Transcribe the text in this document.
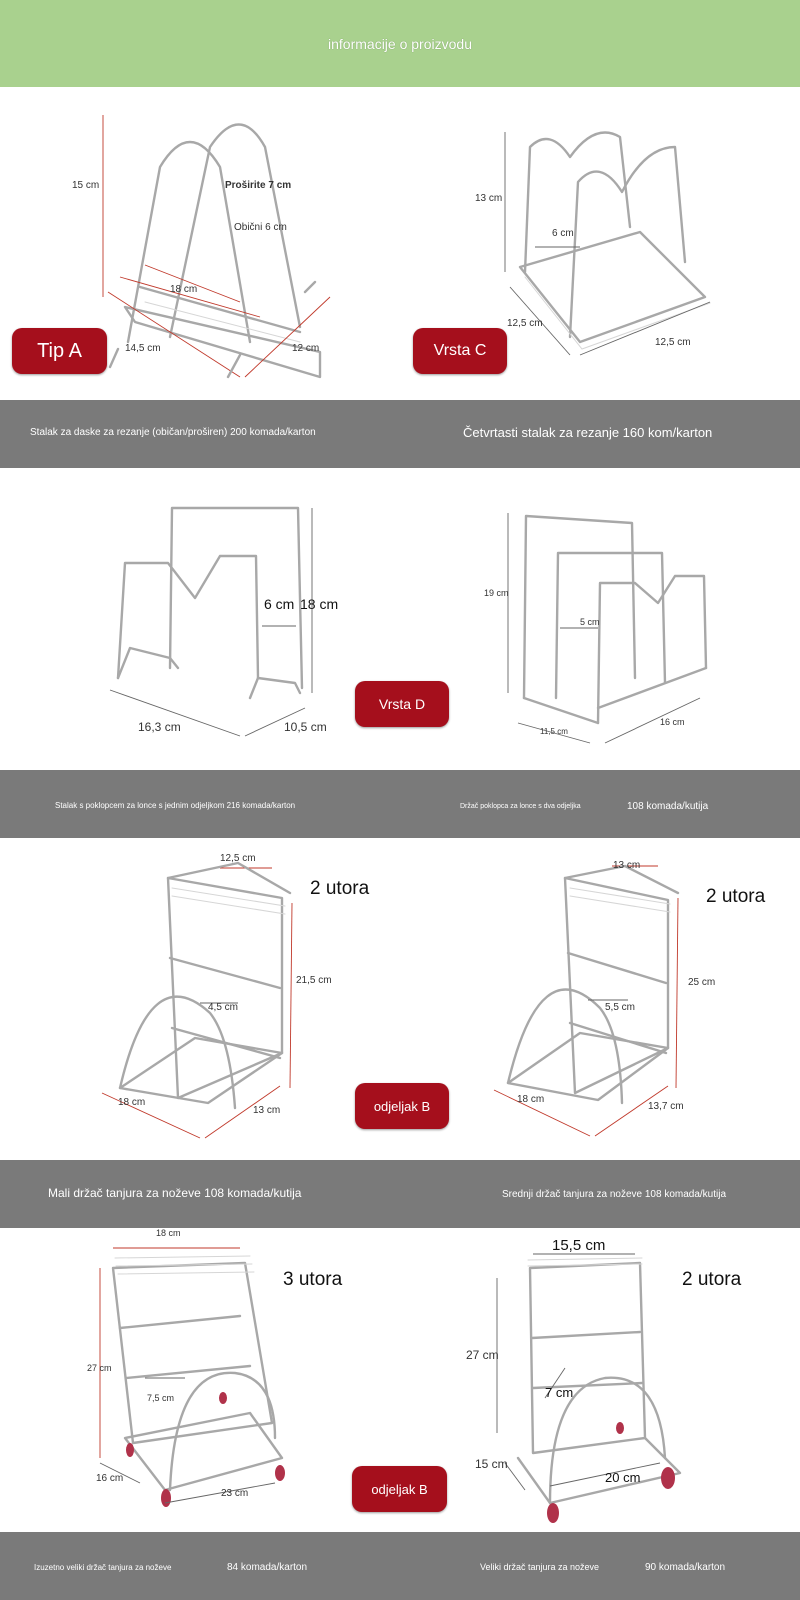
informacije o proizvodu
15 cm	Proširite 7 cm
Obični 6 cm
18 cm
14,5 cm	12 cm
Tip A
13 cm
6 cm
12,5 cm
12,5 cm
Vrsta C
Stalak za daske za rezanje (običan/proširen) 200 komada/karton	Četvrtasti stalak za rezanje 160 kom/karton
6 cm 18 cm
16,3 cm	10,5 cm
Vrsta D
19 cm
5 cm
11,5 cm
16 cm
Stalak s poklopcem za lonce s jednim odjeljkom 216 komada/karton	Držač poklopca za lonce s dva odjeljka	108 komada/kutija
2 utora
12,5 cm
21,5 cm
4,5 cm
18 cm
13 cm	odjeljak B
2 utora
13 cm
25 cm
5,5 cm
18 cm
13,7 cm
Mali držač tanjura za noževe 108 komada/kutija	Srednji držač tanjura za noževe 108 komada/kutija
3 utora
18 cm
27 cm
7,5 cm
16 cm
23 cm	odjeljak B
2 utora
15,5 cm
27 cm
7 cm
15 cm
20 cm
Izuzetno veliki držač tanjura za noževe	84 komada/karton	Veliki držač tanjura za noževe	90 komada/karton
